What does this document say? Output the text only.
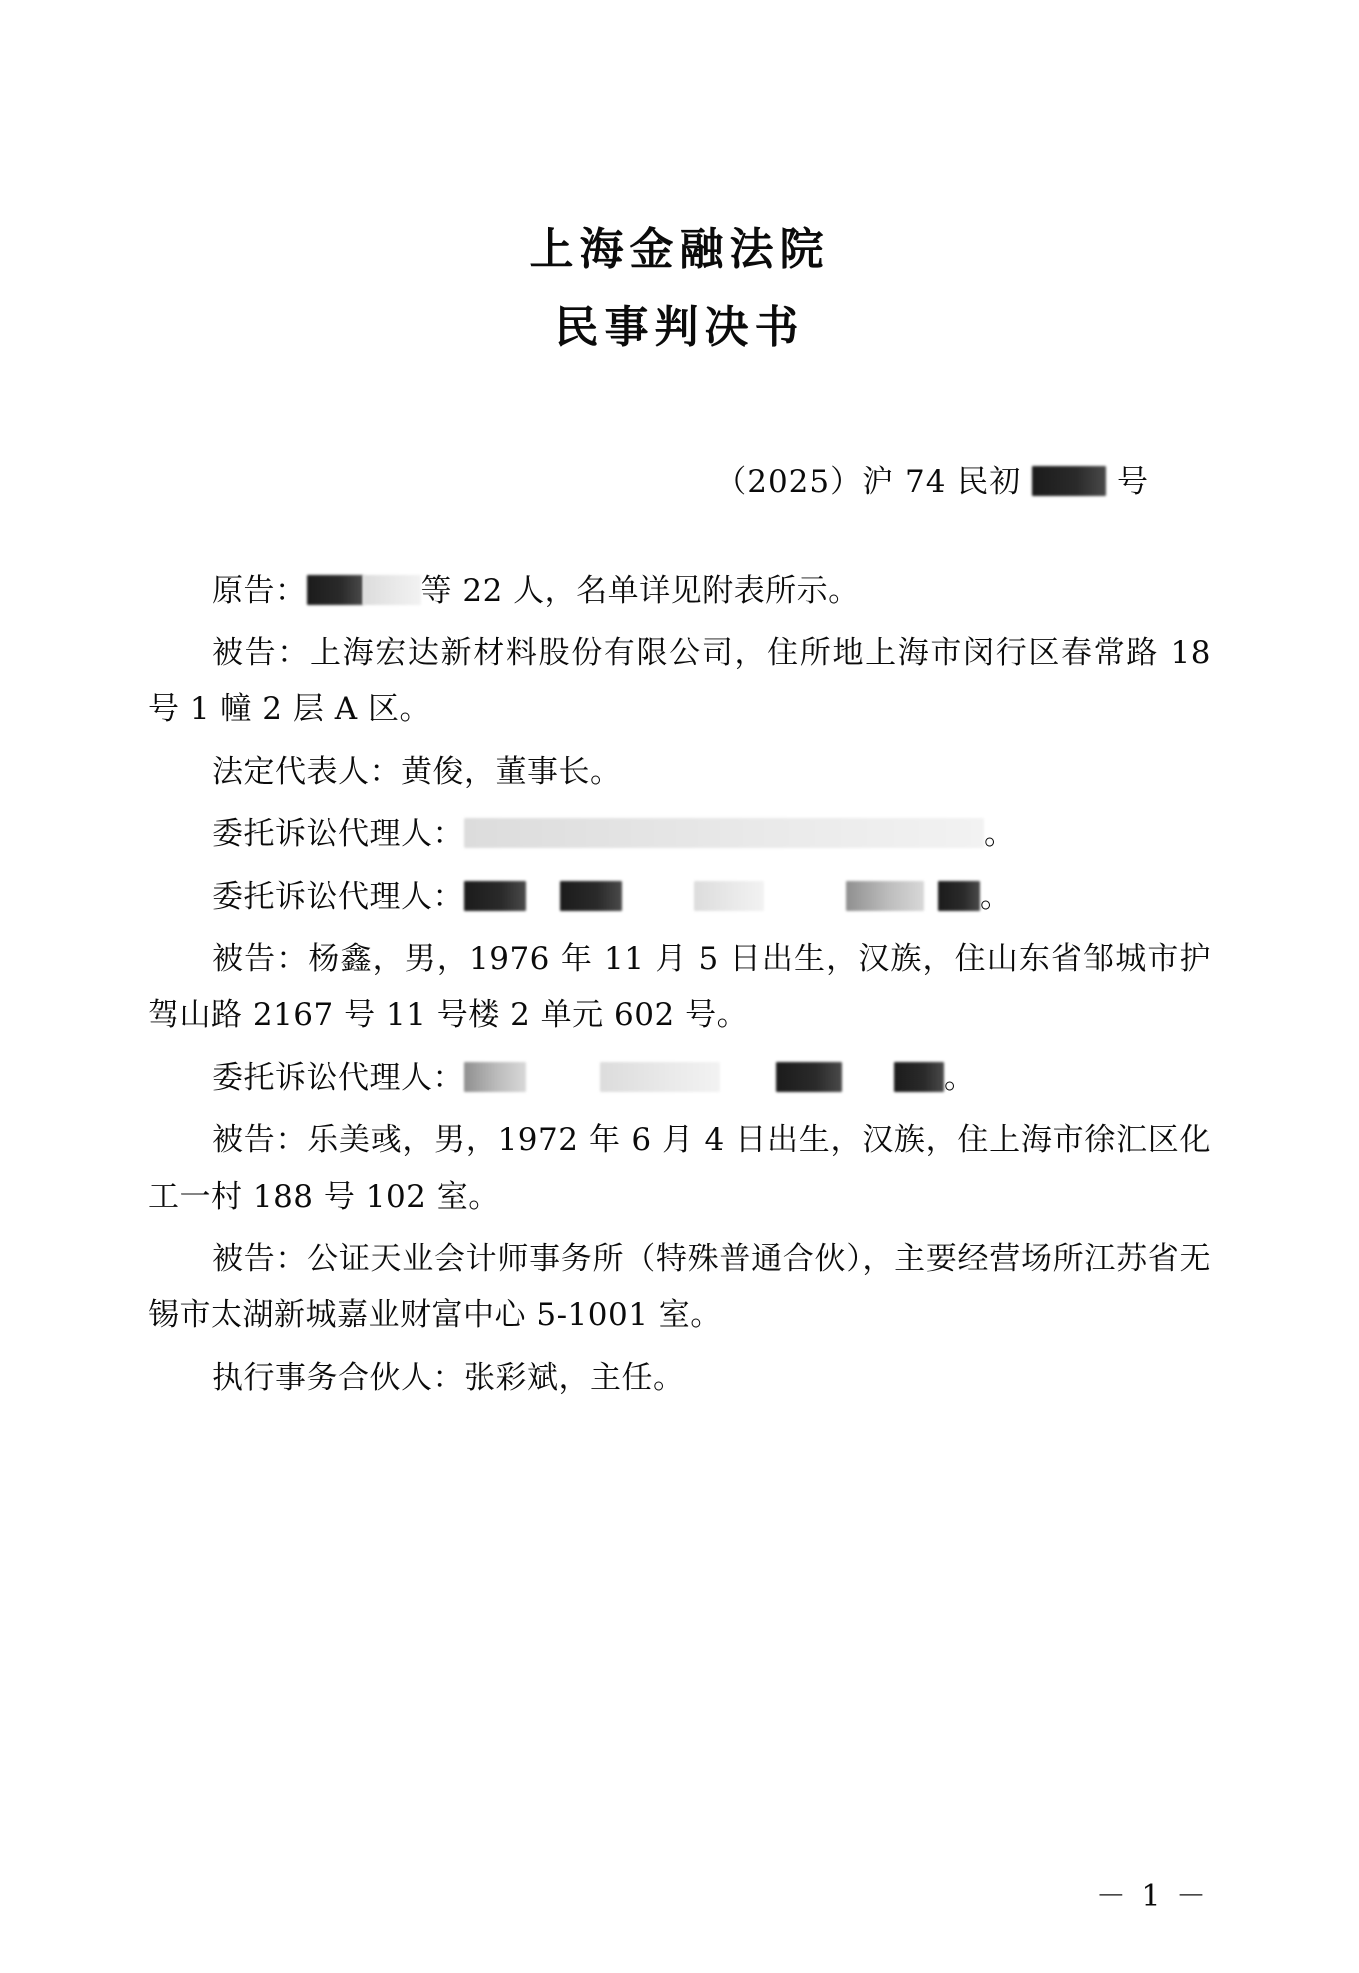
上海金融法院
民事判决书
（2025）沪 74 民初	号

原告：	等 22 人，名单详见附表所示。

被告：上海宏达新材料股份有限公司，住所地上海市闵行区春常路 18 号 1 幢 2 层 A 区。

法定代表人：黄俊，董事长。

委托诉讼代理人：	。

委托诉讼代理人：	。

被告：杨鑫，男，1976 年 11 月 5 日出生，汉族，住山东省邹城市护驾山路 2167 号 11 号楼 2 单元 602 号。

委托诉讼代理人：	。

被告：乐美彧，男，1972 年 6 月 4 日出生，汉族，住上海市徐汇区化工一村 188 号 102 室。

被告：公证天业会计师事务所（特殊普通合伙），主要经营场所江苏省无锡市太湖新城嘉业财富中心 5-1001 室。

执行事务合伙人：张彩斌，主任。

－ 1 －
